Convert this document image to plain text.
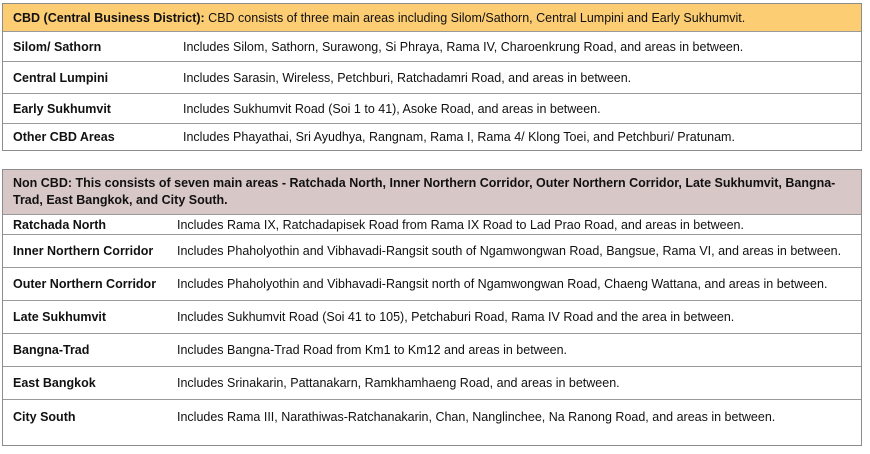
CBD (Central Business District): CBD consists of three main areas including Silom/Sathorn, Central Lumpini and Early Sukhumvit.
Silom/ Sathorn	Includes Silom, Sathorn, Surawong, Si Phraya, Rama IV, Charoenkrung Road, and areas in between.
Central Lumpini	Includes Sarasin, Wireless, Petchburi, Ratchadamri Road, and areas in between.
Early Sukhumvit	Includes Sukhumvit Road (Soi 1 to 41), Asoke Road, and areas in between.
Other CBD Areas	Includes Phayathai, Sri Ayudhya, Rangnam, Rama I, Rama 4/ Klong Toei, and Petchburi/ Pratunam.
Non CBD: This consists of seven main areas - Ratchada North, Inner Northern Corridor, Outer Northern Corridor, Late Sukhumvit, Bangna-Trad, East Bangkok, and City South.
Ratchada North	Includes Rama IX, Ratchadapisek Road from Rama IX Road to Lad Prao Road, and areas in between.
Inner Northern Corridor	Includes Phaholyothin and Vibhavadi-Rangsit south of Ngamwongwan Road, Bangsue, Rama VI, and areas in between.
Outer Northern Corridor	Includes Phaholyothin and Vibhavadi-Rangsit north of Ngamwongwan Road, Chaeng Wattana, and areas in between.
Late Sukhumvit	Includes Sukhumvit Road (Soi 41 to 105), Petchaburi Road, Rama IV Road and the area in between.
Bangna-Trad	Includes Bangna-Trad Road from Km1 to Km12 and areas in between.
East Bangkok	Includes Srinakarin, Pattanakarn, Ramkhamhaeng Road, and areas in between.
City South	Includes Rama III, Narathiwas-Ratchanakarin, Chan, Nanglinchee, Na Ranong Road, and areas in between.
